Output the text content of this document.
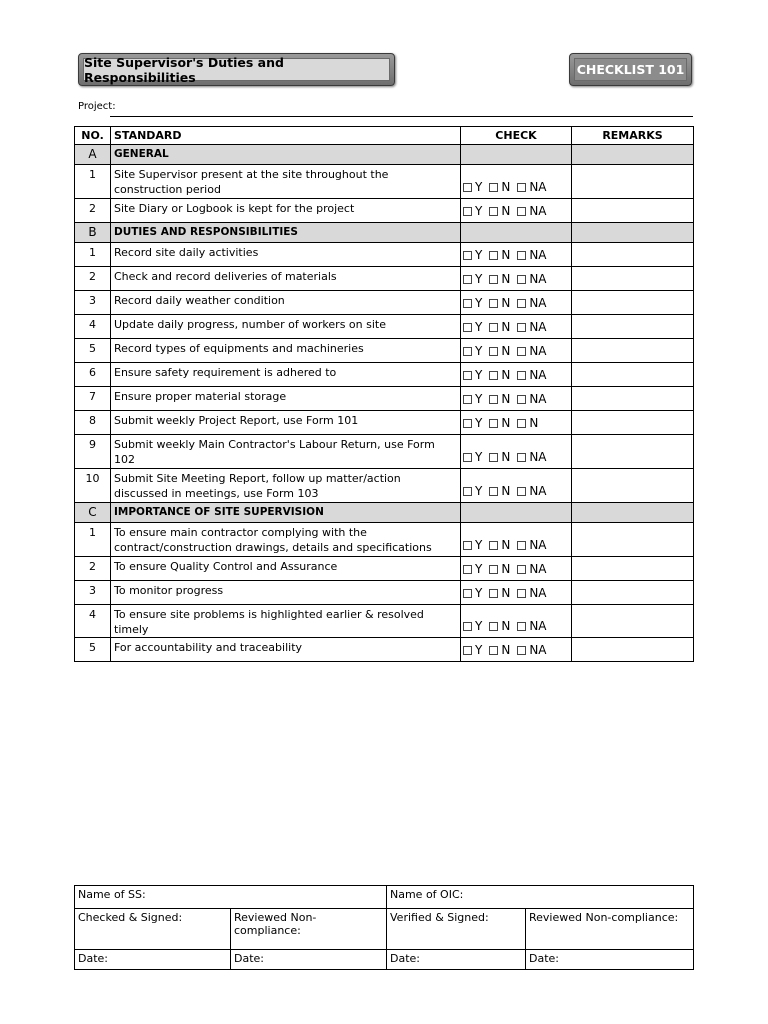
Site Supervisor's Duties and Responsibilities	CHECKLIST 101
Project:
NO.	STANDARD	CHECK	REMARKS
A	GENERAL		
1	Site Supervisor present at the site throughout the construction period	Y N NA	

2	Site Diary or Logbook is kept for the project	Y N NA	

B	DUTIES AND RESPONSIBILITIES		
1	Record site daily activities	Y N NA	

2	Check and record deliveries of materials	Y N NA	

3	Record daily weather condition	Y N NA	

4	Update daily progress, number of workers on site	Y N NA	

5	Record types of equipments and machineries	Y N NA	

6	Ensure safety requirement is adhered to	Y N NA	

7	Ensure proper material storage	Y N NA	

8	Submit weekly Project Report, use Form 101	Y N N	

9	Submit weekly Main Contractor's Labour Return, use Form 102	Y N NA	

10	Submit Site Meeting Report, follow up matter/action discussed in meetings, use Form 103	Y N NA	

C	IMPORTANCE OF SITE SUPERVISION		
1	To ensure main contractor complying with the contract/construction drawings, details and specifications	Y N NA	

2	To ensure Quality Control and Assurance	Y N NA	

3	To monitor progress	Y N NA	

4	To ensure site problems is highlighted earlier & resolved timely	Y N NA	

5	For accountability and traceability	Y N NA	

Name of SS:		Name of OIC:	
Checked & Signed:	Reviewed Non-compliance:	Verified & Signed:	Reviewed Non-compliance:
Date:	Date:	Date:	Date:
